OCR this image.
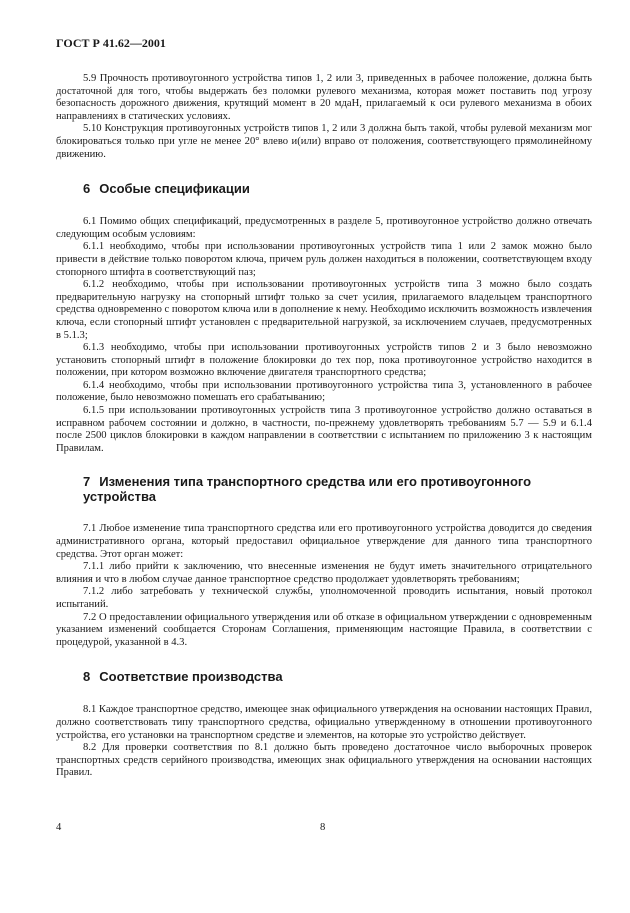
ГОСТ Р 41.62—2001

5.9 Прочность противоугонного устройства типов 1, 2 или 3, приведенных в рабочее положение, должна быть достаточной для того, чтобы выдержать без поломки рулевого механизма, которая может поставить под угрозу безопасность дорожного движения, крутящий момент в 20 мдаН, прилагаемый к оси рулевого механизма в обоих направлениях в статических условиях.

5.10 Конструкция противоугонных устройств типов 1, 2 или 3 должна быть такой, чтобы рулевой механизм мог блокироваться только при угле не менее 20° влево и(или) вправо от положения, соответствующего прямолинейному движению.

6 Особые спецификации

6.1 Помимо общих спецификаций, предусмотренных в разделе 5, противоугонное устройство должно отвечать следующим особым условиям:

6.1.1 необходимо, чтобы при использовании противоугонных устройств типа 1 или 2 замок можно было привести в действие только поворотом ключа, причем руль должен находиться в положении, соответствующем входу стопорного штифта в соответствующий паз;

6.1.2 необходимо, чтобы при использовании противоугонных устройств типа 3 можно было создать предварительную нагрузку на стопорный штифт только за счет усилия, прилагаемого владельцем транспортного средства одновременно с поворотом ключа или в дополнение к нему. Необходимо исключить возможность извлечения ключа, если стопорный штифт установлен с предварительной нагрузкой, за исключением случаев, предусмотренных в 5.1.3;

6.1.3 необходимо, чтобы при использовании противоугонных устройств типов 2 и 3 было невозможно установить стопорный штифт в положение блокировки до тех пор, пока противоугонное устройство находится в положении, при котором возможно включение двигателя транспортного средства;

6.1.4 необходимо, чтобы при использовании противоугонного устройства типа 3, установленного в рабочее положение, было невозможно помешать его срабатыванию;

6.1.5 при использовании противоугонных устройств типа 3 противоугонное устройство должно оставаться в исправном рабочем состоянии и должно, в частности, по-прежнему удовлетворять требованиям 5.7 — 5.9 и 6.1.4 после 2500 циклов блокировки в каждом направлении в соответствии с испытанием по приложению 3 к настоящим Правилам.

7 Изменения типа транспортного средства или его противоугонного
устройства

7.1 Любое изменение типа транспортного средства или его противоугонного устройства доводится до сведения административного органа, который предоставил официальное утверждение для данного типа транспортного средства. Этот орган может:

7.1.1 либо прийти к заключению, что внесенные изменения не будут иметь значительного отрицательного влияния и что в любом случае данное транспортное средство продолжает удовлетворять требованиям;

7.1.2 либо затребовать у технической службы, уполномоченной проводить испытания, новый протокол испытаний.

7.2 О предоставлении официального утверждения или об отказе в официальном утверждении с одновременным указанием изменений сообщается Сторонам Соглашения, применяющим настоящие Правила, в соответствии с процедурой, указанной в 4.3.

8 Соответствие производства

8.1 Каждое транспортное средство, имеющее знак официального утверждения на основании настоящих Правил, должно соответствовать типу транспортного средства, официально утвержденному в отношении противоугонного устройства, его установки на транспортном средстве и элементов, на которые это устройство действует.

8.2 Для проверки соответствия по 8.1 должно быть проведено достаточное число выборочных проверок транспортных средств серийного производства, имеющих знак официального утверждения на основании настоящих Правил.

4	8
